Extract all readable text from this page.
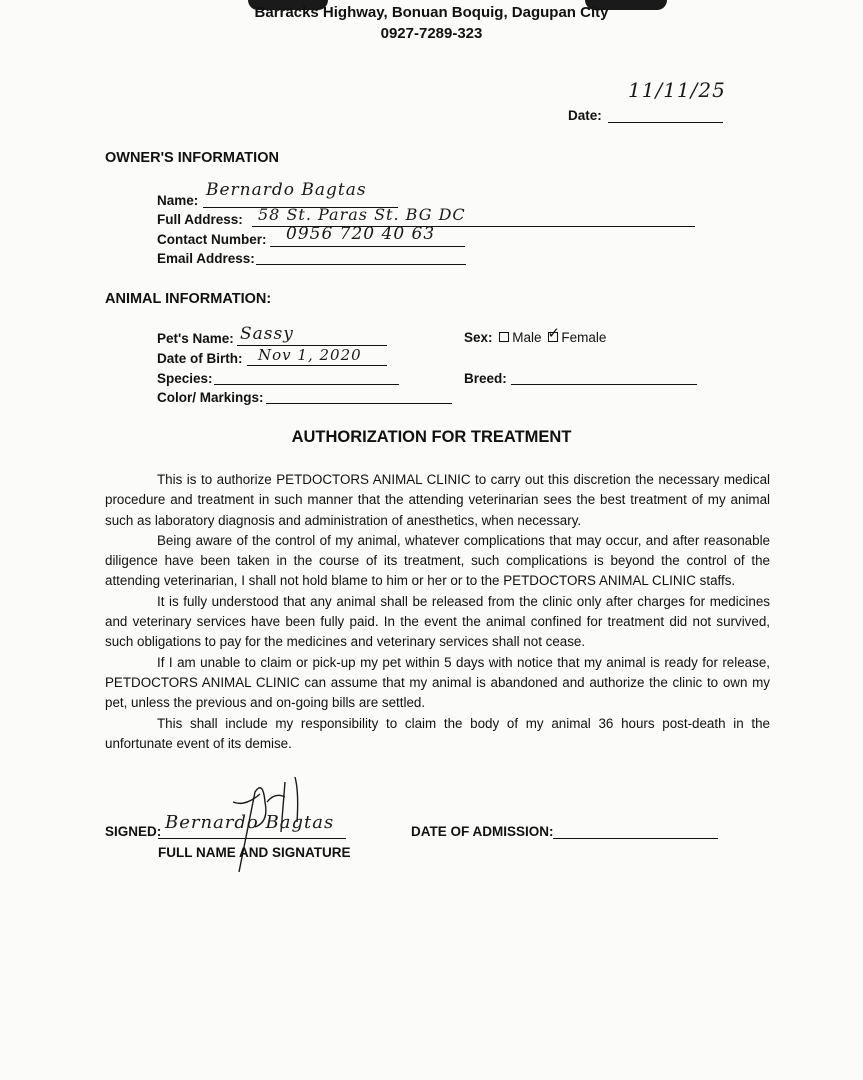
Barracks Highway, Bonuan Boquig, Dagupan City
0927-7289-323
11/11/25
Date:
OWNER'S INFORMATION
Name:
Bernardo Bagtas
Full Address: 58 St. Paras St. BG DC
Contact Number: 0956 720 40 63
Email Address:
ANIMAL INFORMATION:
Pet's Name: Sassy
Date of Birth: Nov 1, 2020
Species:
Color/ Markings:
Sex: Male ✓ Female
Breed:
AUTHORIZATION FOR TREATMENT

This is to authorize PETDOCTORS ANIMAL CLINIC to carry out this discretion the necessary medical procedure and treatment in such manner that the attending veterinarian sees the best treatment of my animal such as laboratory diagnosis and administration of anesthetics, when necessary.

Being aware of the control of my animal, whatever complications that may occur, and after reasonable diligence have been taken in the course of its treatment, such complications is beyond the control of the attending veterinarian, I shall not hold blame to him or her or to the PETDOCTORS ANIMAL CLINIC staffs.

It is fully understood that any animal shall be released from the clinic only after charges for medicines and veterinary services have been fully paid. In the event the animal confined for treatment did not survived, such obligations to pay for the medicines and veterinary services shall not cease.

If I am unable to claim or pick-up my pet within 5 days with notice that my animal is ready for release, PETDOCTORS ANIMAL CLINIC can assume that my animal is abandoned and authorize the clinic to own my pet, unless the previous and on-going bills are settled.

This shall include my responsibility to claim the body of my animal 36 hours post-death in the unfortunate event of its demise.

SIGNED: Bernardo Bagtas
FULL NAME AND SIGNATURE
DATE OF ADMISSION:
